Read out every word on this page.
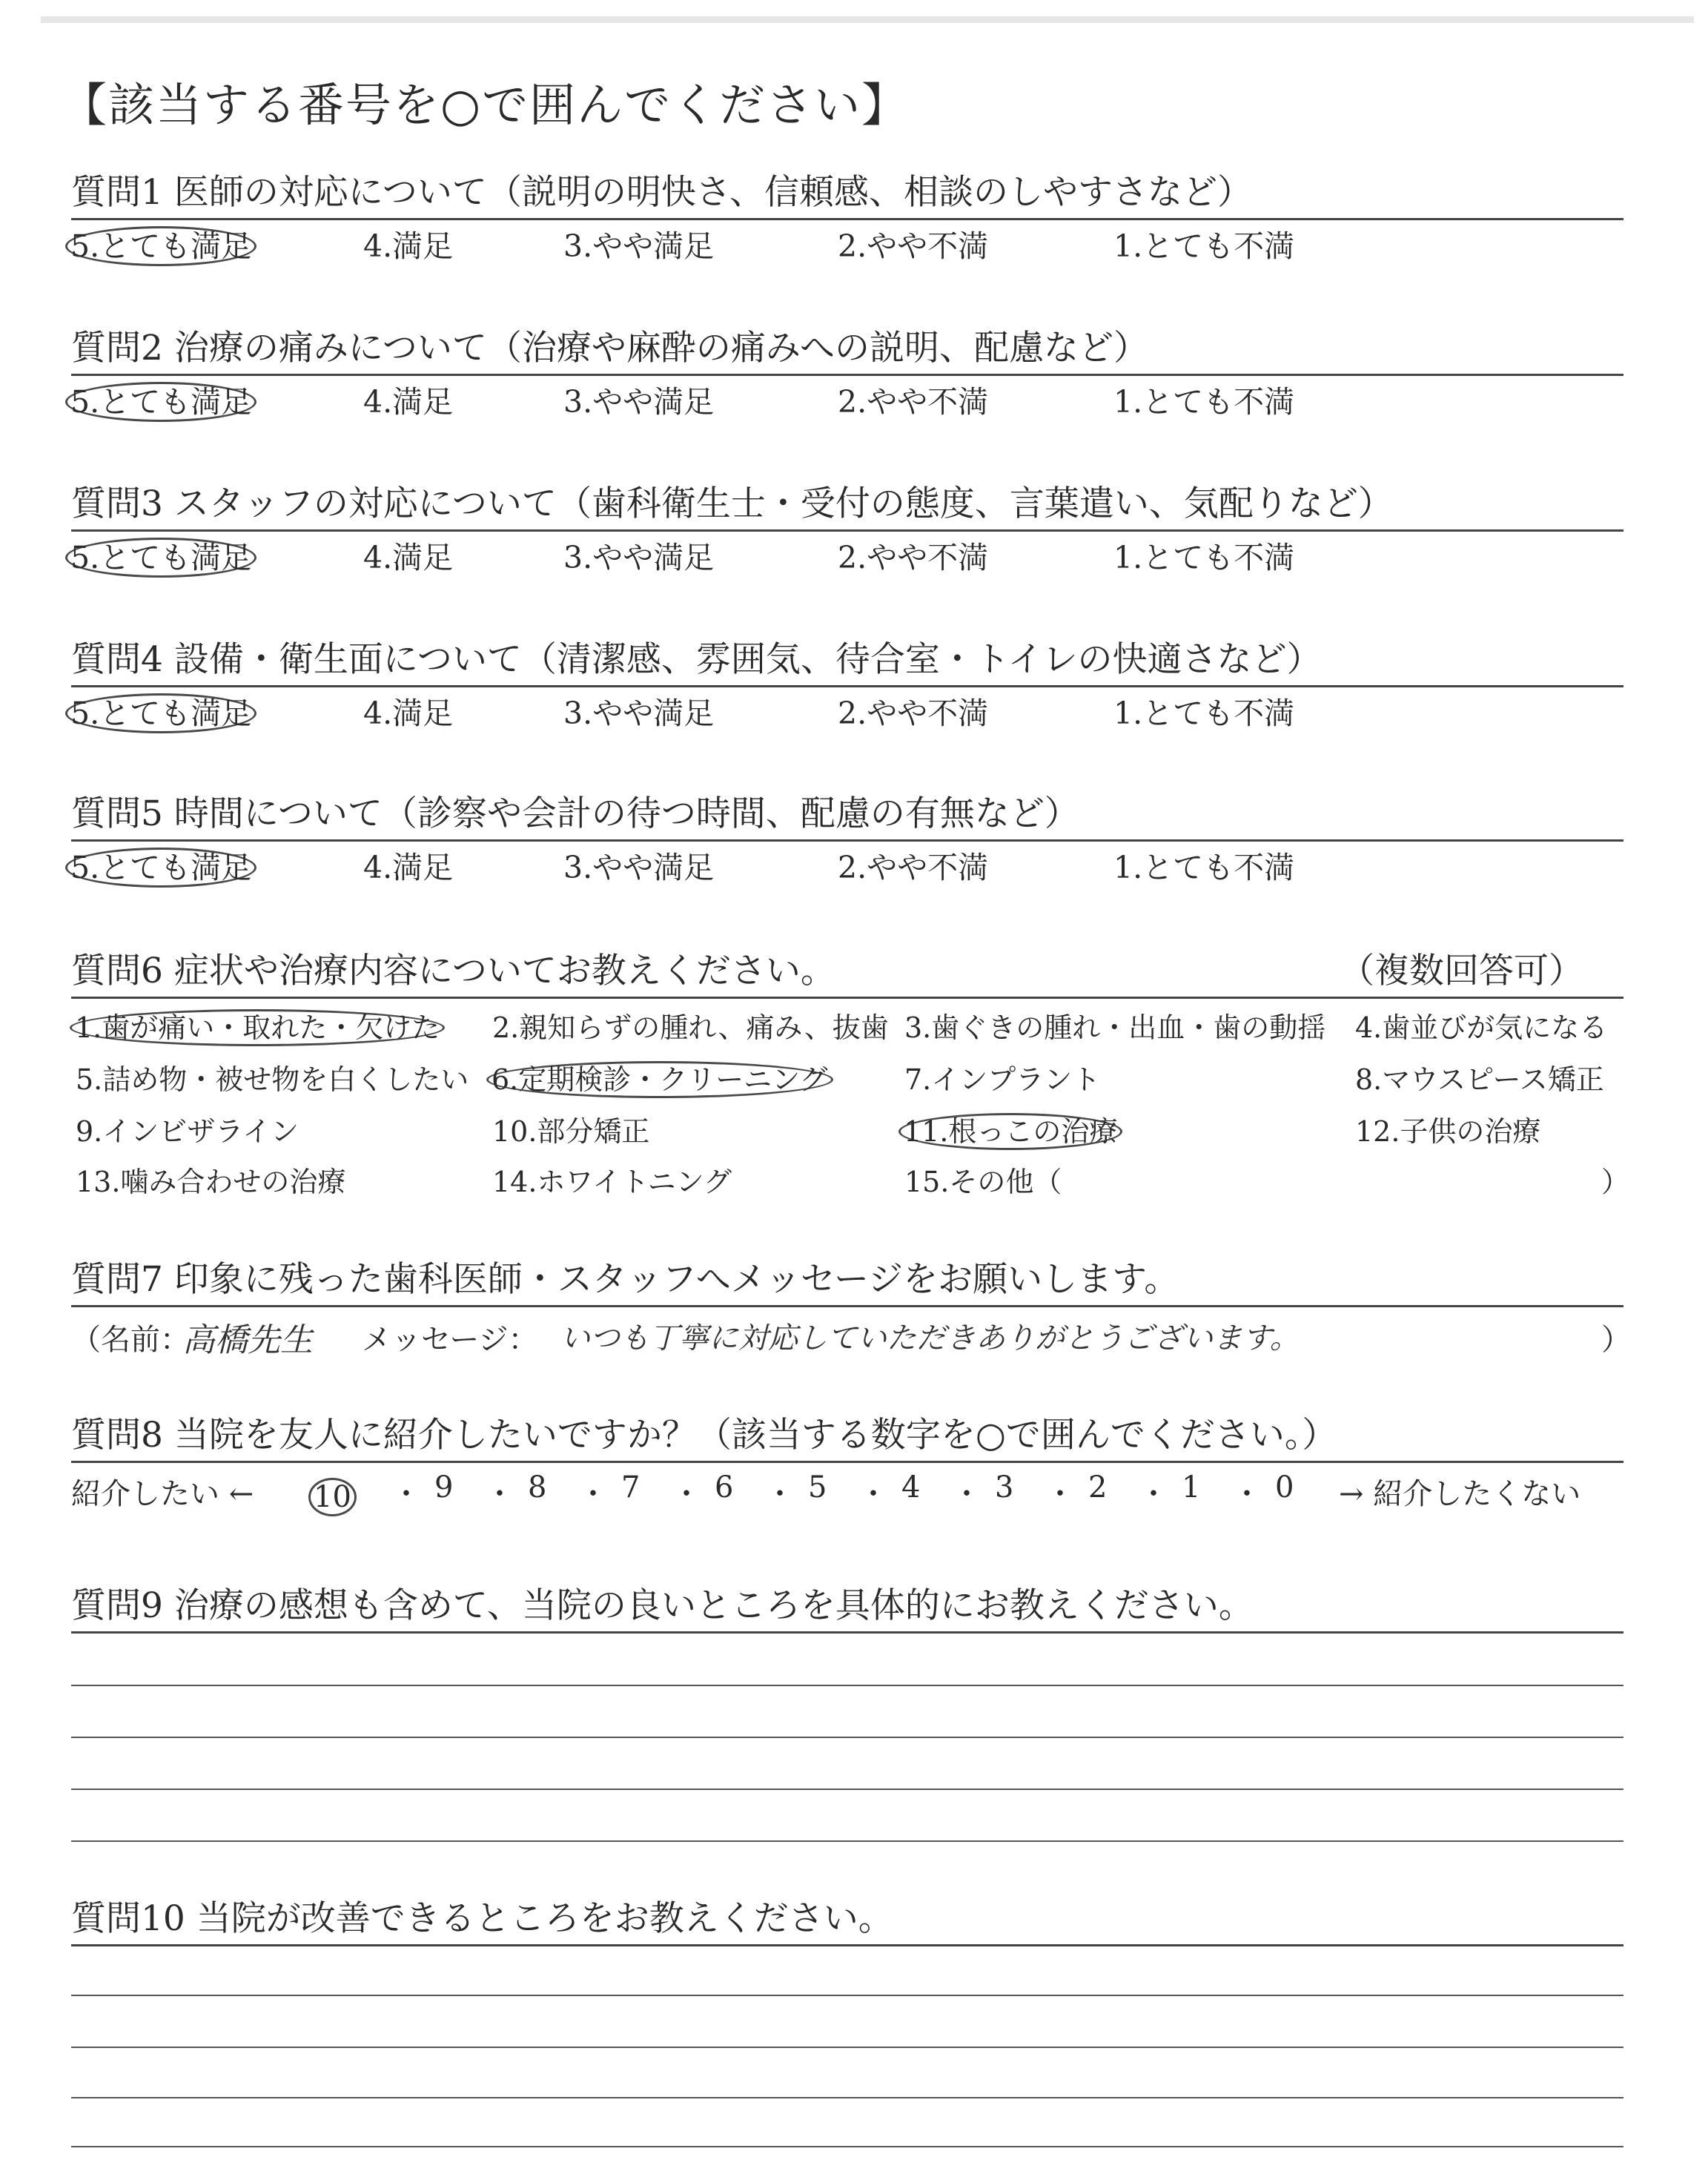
【該当する番号を○で囲んでください】
質問1 医師の対応について（説明の明快さ、信頼感、相談のしやすさなど）
5.とても満足	4.満足	3.やや満足	2.やや不満	1.とても不満
質問2 治療の痛みについて（治療や麻酔の痛みへの説明、配慮など）
5.とても満足	4.満足	3.やや満足	2.やや不満	1.とても不満
質問3 スタッフの対応について（歯科衛生士・受付の態度、言葉遣い、気配りなど）
5.とても満足	4.満足	3.やや満足	2.やや不満	1.とても不満
質問4 設備・衛生面について（清潔感、雰囲気、待合室・トイレの快適さなど）
5.とても満足	4.満足	3.やや満足	2.やや不満	1.とても不満
質問5 時間について（診察や会計の待つ時間、配慮の有無など）
5.とても満足	4.満足	3.やや満足	2.やや不満	1.とても不満
質問6 症状や治療内容についてお教えください。	（複数回答可）
1.歯が痛い・取れた・欠けた 2.親知らずの腫れ、痛み、抜歯 3.歯ぐきの腫れ・出血・歯の動揺 4.歯並びが気になる
5.詰め物・被せ物を白くしたい 6.定期検診・クリーニング	7.インプラント	8.マウスピース矯正
9.インビザライン	10.部分矯正	11.根っこの治療	12.子供の治療
13.噛み合わせの治療	14.ホワイトニング	15.その他（	）
質問7 印象に残った歯科医師・スタッフへメッセージをお願いします。
（名前：
高橋先生 メッセージ： いつも丁寧に対応していただきありがとうございます。	）
質問8 当院を友人に紹介したいですか？（該当する数字を○で囲んでください。）
紹介したい ← 10 ・ 9 ・ 8 ・ 7 ・ 6 ・ 5 ・ 4 ・ 3 ・ 2 ・ 1 ・ 0 → 紹介したくない
質問9 治療の感想も含めて、当院の良いところを具体的にお教えください。
質問10 当院が改善できるところをお教えください。
